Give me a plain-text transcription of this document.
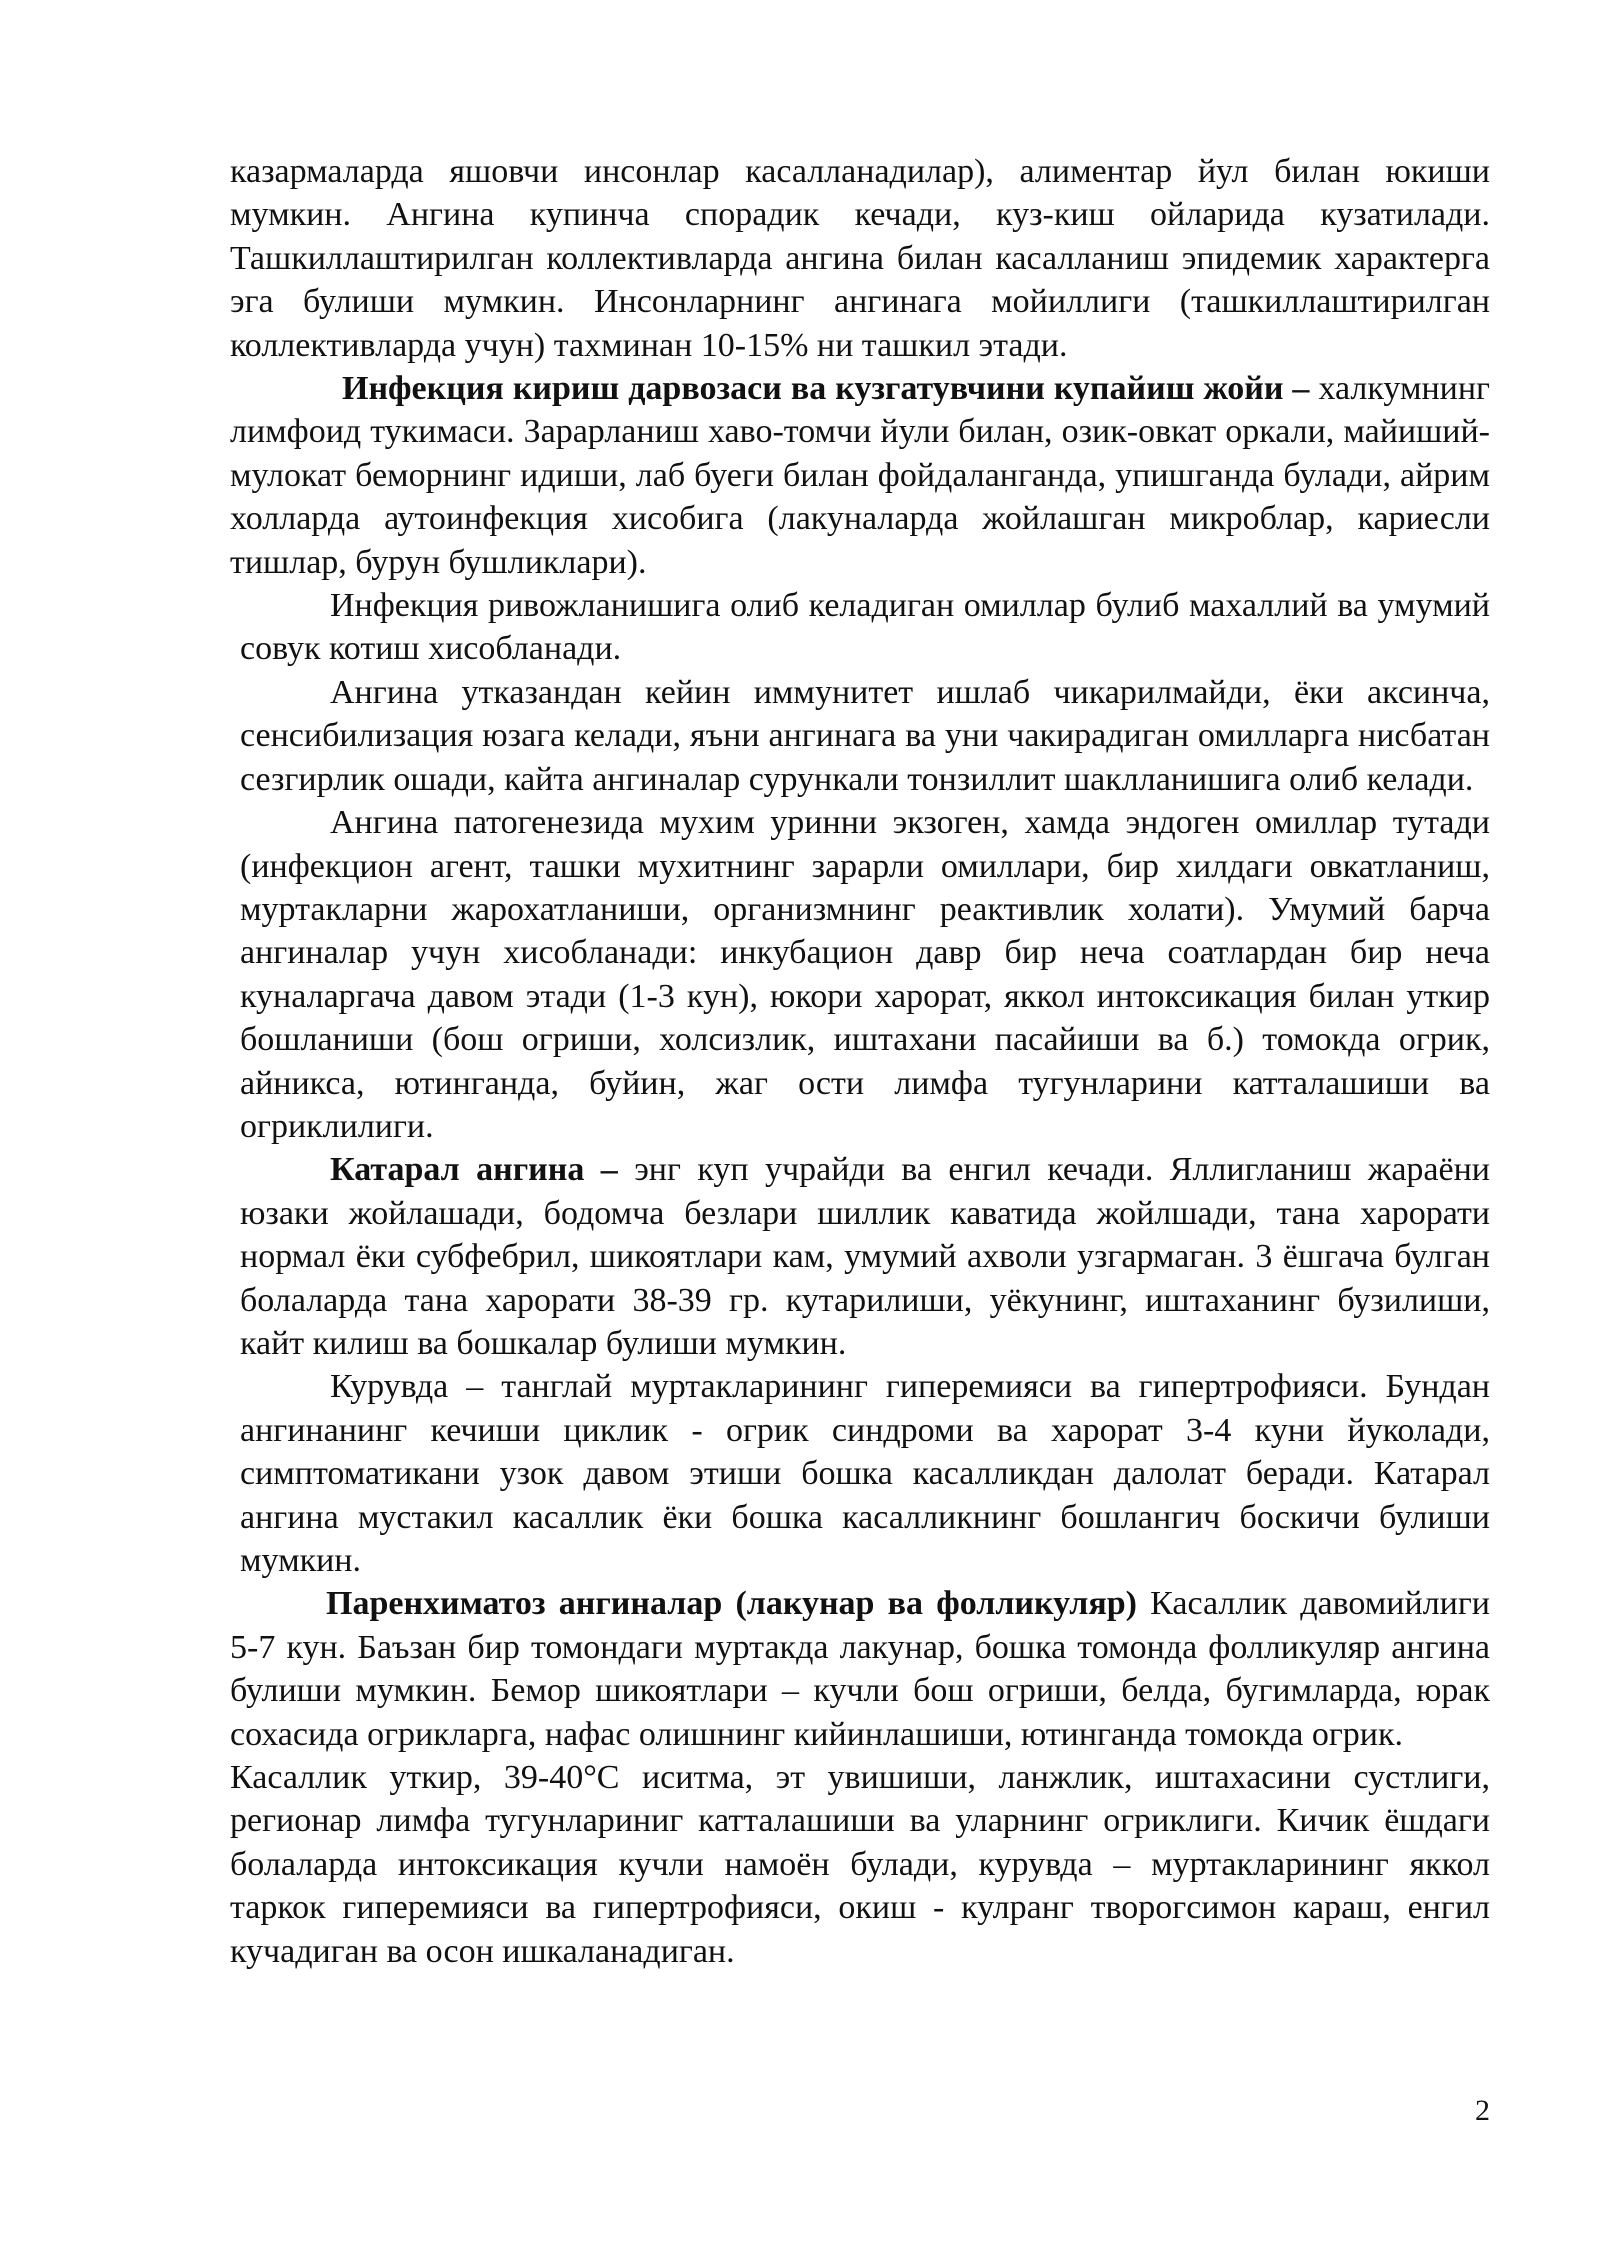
казармаларда яшовчи инсонлар касалланадилар), алиментар йул билан юкиши мумкин. Ангина купинча спорадик кечади, куз-киш ойларида кузатилади. Ташкиллаштирилган коллективларда ангина билан касалланиш эпидемик характерга эга булиши мумкин. Инсонларнинг ангинага мойиллиги (ташкиллаштирилган коллективларда учун) тахминан 10-15% ни ташкил этади.

Инфекция кириш дарвозаси ва кузгатувчини купайиш жойи – халкумнинг лимфоид тукимаси. Зарарланиш хаво-томчи йули билан, озик-овкат оркали, майиший-мулокат беморнинг идиши, лаб буеги билан фойдаланганда, упишганда булади, айрим холларда аутоинфекция хисобига (лакуналарда жойлашган микроблар, кариесли тишлар, бурун бушликлари).

Инфекция ривожланишига олиб келадиган омиллар булиб махаллий ва умумий совук котиш хисобланади.

Ангина утказандан кейин иммунитет ишлаб чикарилмайди, ёки аксинча, сенсибилизация юзага келади, яъни ангинага ва уни чакирадиган омилларга нисбатан сезгирлик ошади, кайта ангиналар сурункали тонзиллит шаклланишига олиб келади.

Ангина патогенезида мухим уринни экзоген, хамда эндоген омиллар тутади (инфекцион агент, ташки мухитнинг зарарли омиллари, бир хилдаги овкатланиш, муртакларни жарохатланиши, организмнинг реактивлик холати). Умумий барча ангиналар учун хисобланади: инкубацион давр бир неча соатлардан бир неча куналаргача давом этади (1-3 кун), юкори харорат, яккол интоксикация билан уткир бошланиши (бош огриши, холсизлик, иштахани пасайиши ва б.) томокда огрик, айникса, ютинганда, буйин, жаг ости лимфа тугунларини катталашиши ва огриклилиги.

Катарал ангина – энг куп учрайди ва енгил кечади. Яллигланиш жараёни юзаки жойлашади, бодомча безлари шиллик каватида жойлшади, тана харорати нормал ёки субфебрил, шикоятлари кам, умумий ахволи узгармаган. 3 ёшгача булган болаларда тана харорати 38-39 гр. кутарилиши, уёкунинг, иштаханинг бузилиши, кайт килиш ва бошкалар булиши мумкин.

Курувда – танглай муртакларининг гиперемияси ва гипертрофияси. Бундан ангинанинг кечиши циклик - огрик синдроми ва харорат 3-4 куни йуколади, симптоматикани узок давом этиши бошка касалликдан далолат беради. Катарал ангина мустакил касаллик ёки бошка касалликнинг бошлангич боскичи булиши мумкин.

Паренхиматоз ангиналар (лакунар ва фолликуляр) Касаллик давомийлиги 5-7 кун. Баъзан бир томондаги муртакда лакунар, бошка томонда фолликуляр ангина булиши мумкин. Бемор шикоятлари – кучли бош огриши, белда, бугимларда, юрак сохасида огрикларга, нафас олишнинг кийинлашиши, ютинганда томокда огрик.

Касаллик уткир, 39-40°С иситма, эт увишиши, ланжлик, иштахасини сустлиги, регионар лимфа тугунлариниг катталашиши ва уларнинг огриклиги. Кичик ёшдаги болаларда интоксикация кучли намоён булади, курувда – муртакларининг яккол таркок гиперемияси ва гипертрофияси, окиш - кулранг творогсимон караш, енгил кучадиган ва осон ишкаланадиган.

2
